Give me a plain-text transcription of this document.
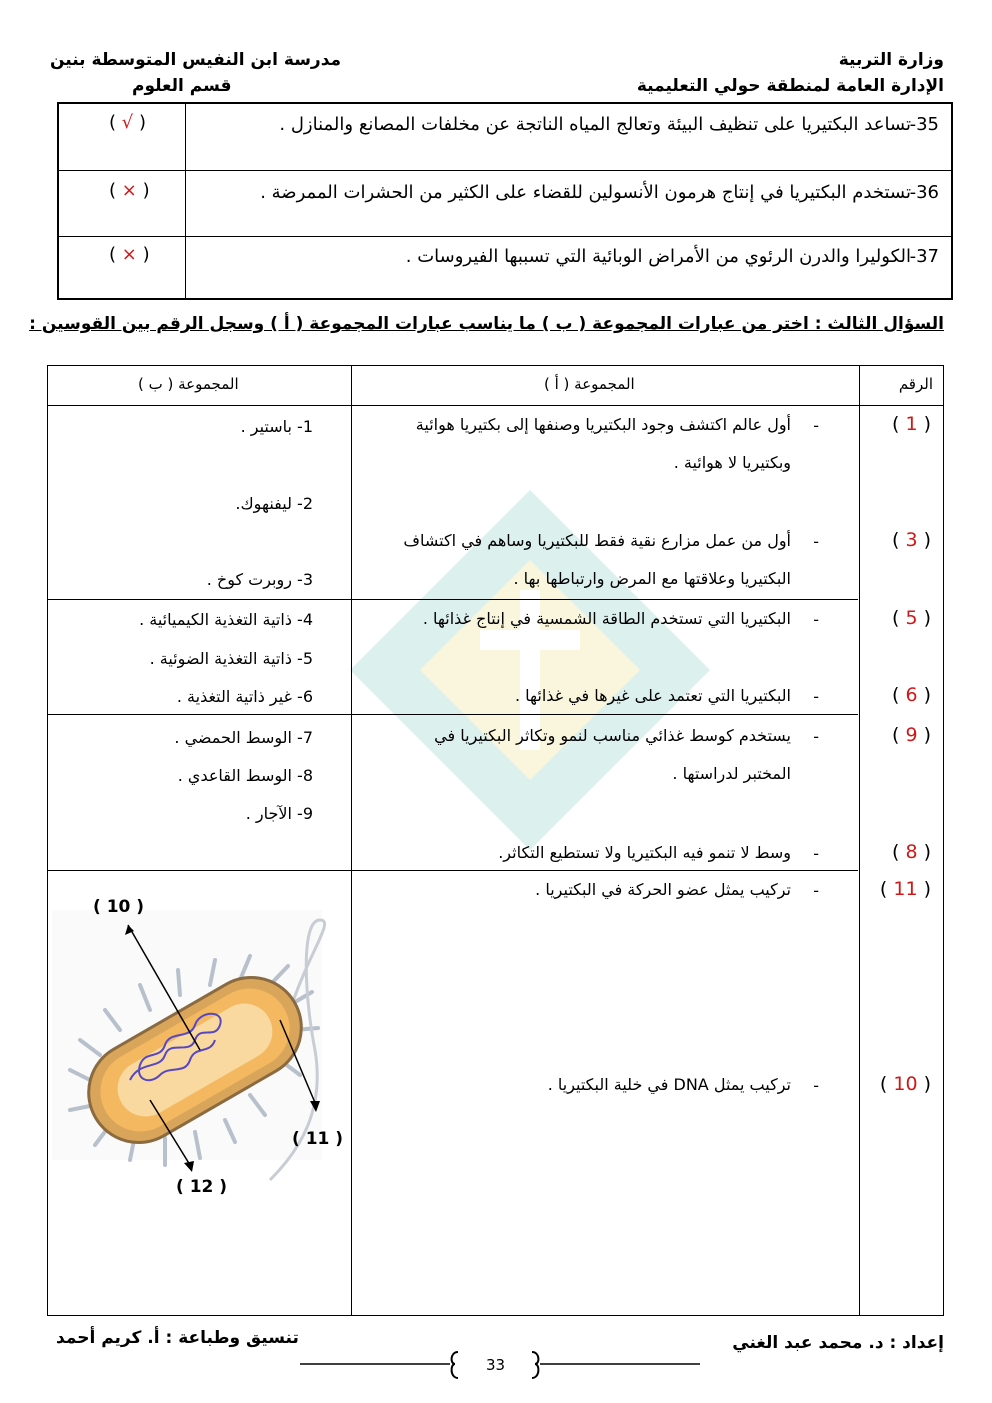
وزارة التربية
الإدارة العامة لمنطقة حولي التعليمية
مدرسة ابن النفيس المتوسطة بنين
قسم العلوم
35-
تساعد البكتيريا على تنظيف البيئة وتعالج المياه الناتجة عن مخلفات المصانع والمنازل .
( √ )
36-
تستخدم البكتيريا في إنتاج هرمون الأنسولين للقضاء على الكثير من الحشرات الممرضة .
( × )
37-
الكوليرا والدرن الرئوي من الأمراض الوبائية التي تسببها الفيروسات .
( × )
السؤال الثالث : اختر من عبارات المجموعة ( ب ) ما يناسب عبارات المجموعة ( أ ) وسجل الرقم بين القوسين :
الرقم
المجموعة ( أ )
المجموعة ( ب )
( 1 )
( 3 )
( 5 )
( 6 )
( 9 )
( 8 )
( 11 )
( 10 )
-
-
-
-
-
-
-
-
أول عالم اكتشف وجود البكتيريا وصنفها إلى بكتيريا هوائية
وبكتيريا لا هوائية .
أول من عمل مزارع نقية فقط للبكتيريا وساهم في اكتشاف
البكتيريا وعلاقتها مع المرض وارتباطها بها .
البكتيريا التي تستخدم الطاقة الشمسية في إنتاج غذائها .
البكتيريا التي تعتمد على غيرها في غذائها .
يستخدم كوسط غذائي مناسب لنمو وتكاثر البكتيريا في
المختبر لدراستها .
وسط لا تنمو فيه البكتيريا ولا تستطيع التكاثر.
تركيب يمثل عضو الحركة في البكتيريا .
تركيب يمثل DNA في خلية البكتيريا .
1- باستير .
2- ليفنهوك.
3- روبرت كوخ .
4- ذاتية التغذية الكيميائية .
5- ذاتية التغذية الضوئية .
6- غير ذاتية التغذية .
7- الوسط الحمضي .
8- الوسط القاعدي .
9- الآجار .
( 10 )
( 11 )
( 12 )
إعداد : د. محمد عبد الغني
تنسيق وطباعة : أ. كريم أحمد
33
